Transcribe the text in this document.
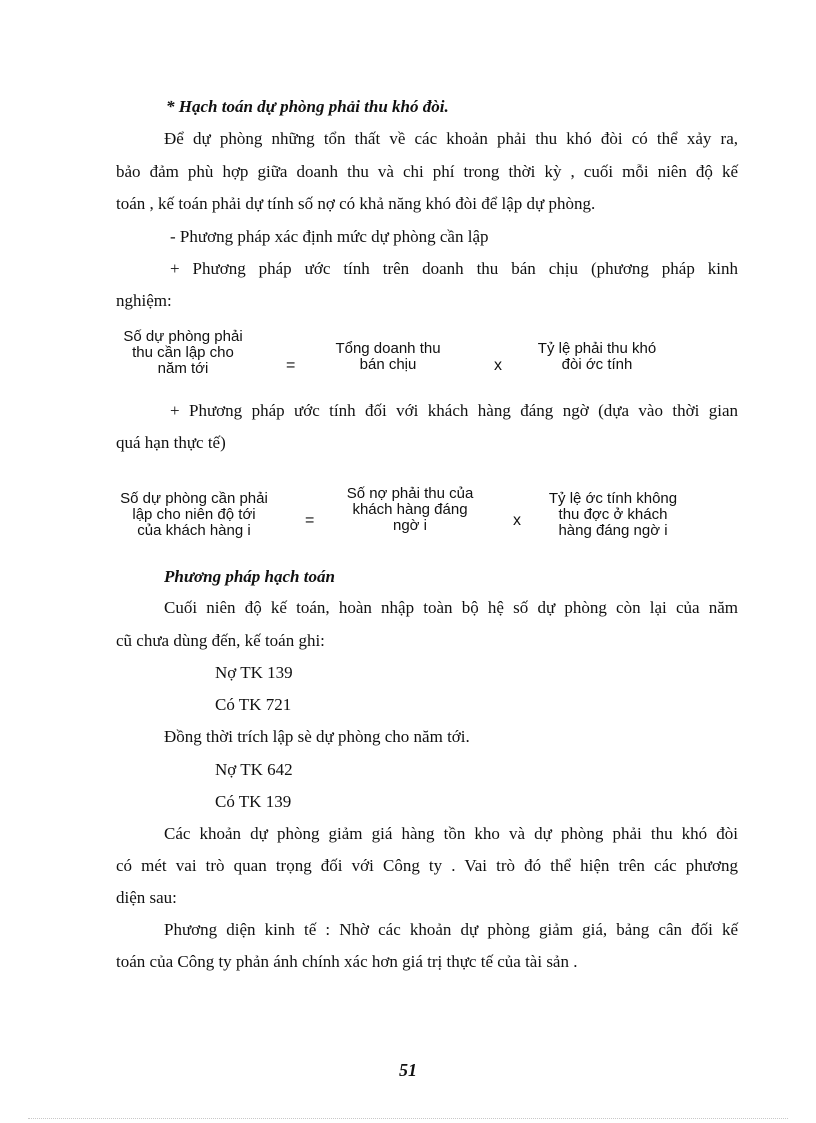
* Hạch toán dự phòng phải thu khó đòi.
Để dự phòng những tổn thất về các khoản phải thu khó đòi có thể xảy ra,
bảo đảm phù hợp giữa doanh thu và chi phí trong thời kỳ , cuối mỗi niên độ kế
toán , kế toán phải dự tính số nợ có khả năng khó đòi để lập dự phòng.
- Phương pháp xác định mức dự phòng cần lập
+ Phương pháp ước tính trên doanh thu bán chịu (phương pháp kinh
nghiệm:
Số dự phòng phải
thu cần lập cho
năm tới	=
Tổng doanh thu
bán chịu	x
Tỷ lệ phải thu khó
đòi ớc tính
+ Phương pháp ước tính đối với khách hàng đáng ngờ (dựa vào thời gian
quá hạn thực tế)
Số dự phòng cần phải
lập cho niên độ tới
của khách hàng i
=
Số nợ phải thu của
khách hàng đáng
ngờ i	x
Tỷ lệ ớc tính không
thu đợc ở khách
hàng đáng ngờ i
Phương pháp hạch toán
Cuối niên độ kế toán, hoàn nhập toàn bộ hệ số dự phòng còn lại của năm
cũ chưa dùng đến, kế toán ghi:
Nợ TK 139
Có TK 721
Đồng thời trích lập sè dự phòng cho năm tới.
Nợ TK 642
Có TK 139
Các khoản dự phòng giảm giá hàng tồn kho và dự phòng phải thu khó đòi
có mét vai trò quan trọng đối với Công ty . Vai trò đó thể hiện trên các phương
diện sau:
Phương diện kinh tế : Nhờ các khoản dự phòng giảm giá, bảng cân đối kế
toán của Công ty phản ánh chính xác hơn giá trị thực tế của tài sản .
51
